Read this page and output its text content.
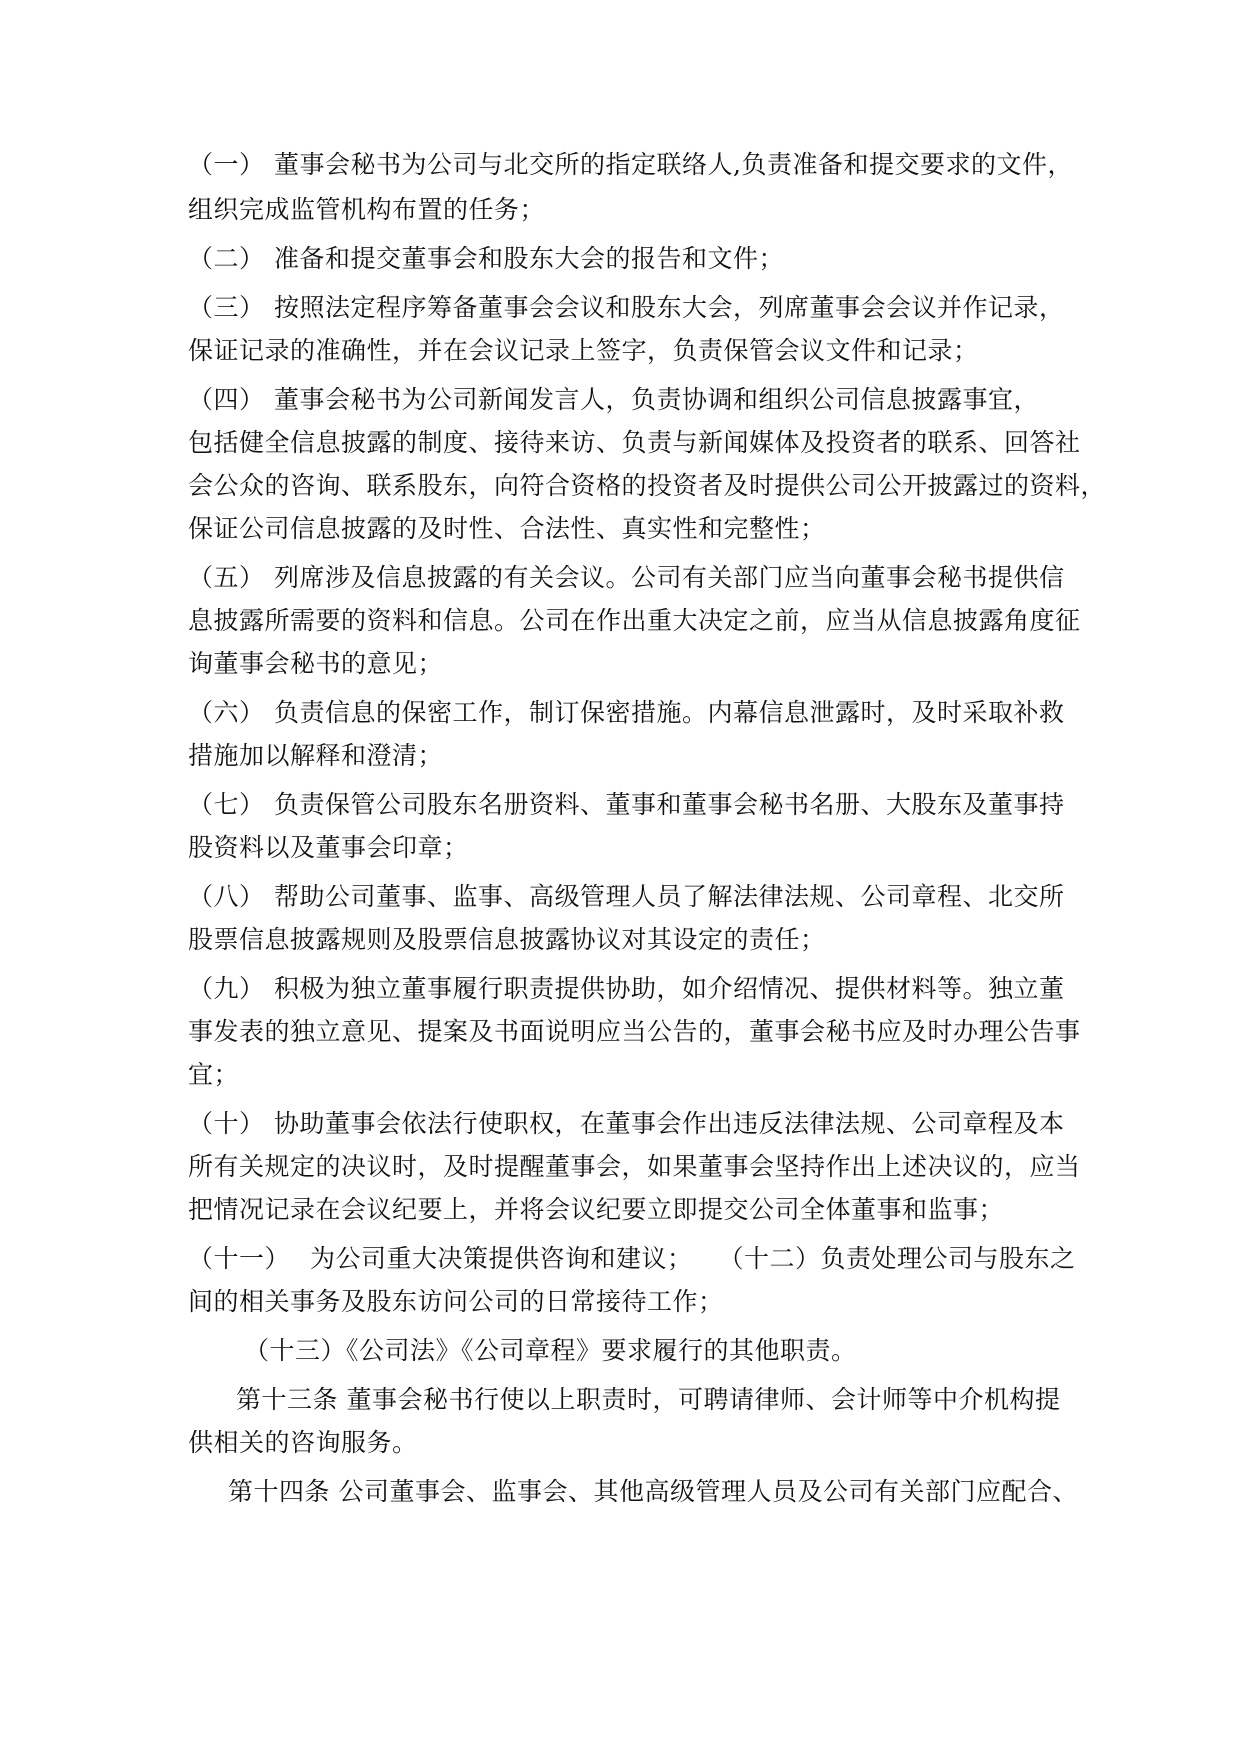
（一） 董事会秘书为公司与北交所的指定联络人,负责准备和提交要求的文件，
组织完成监管机构布置的任务；
（二） 准备和提交董事会和股东大会的报告和文件；
（三） 按照法定程序筹备董事会会议和股东大会，列席董事会会议并作记录，
保证记录的准确性，并在会议记录上签字，负责保管会议文件和记录；
（四） 董事会秘书为公司新闻发言人，负责协调和组织公司信息披露事宜，
包括健全信息披露的制度、接待来访、负责与新闻媒体及投资者的联系、回答社
会公众的咨询、联系股东，向符合资格的投资者及时提供公司公开披露过的资料，
保证公司信息披露的及时性、合法性、真实性和完整性；
（五） 列席涉及信息披露的有关会议。公司有关部门应当向董事会秘书提供信
息披露所需要的资料和信息。公司在作出重大决定之前，应当从信息披露角度征
询董事会秘书的意见；
（六） 负责信息的保密工作，制订保密措施。内幕信息泄露时，及时采取补救
措施加以解释和澄清；
（七） 负责保管公司股东名册资料、董事和董事会秘书名册、大股东及董事持
股资料以及董事会印章；
（八） 帮助公司董事、监事、高级管理人员了解法律法规、公司章程、北交所
股票信息披露规则及股票信息披露协议对其设定的责任；
（九） 积极为独立董事履行职责提供协助，如介绍情况、提供材料等。独立董
事发表的独立意见、提案及书面说明应当公告的，董事会秘书应及时办理公告事
宜；
（十） 协助董事会依法行使职权，在董事会作出违反法律法规、公司章程及本
所有关规定的决议时，及时提醒董事会，如果董事会坚持作出上述决议的，应当
把情况记录在会议纪要上，并将会议纪要立即提交公司全体董事和监事；
（十一） 为公司重大决策提供咨询和建议； （十二）负责处理公司与股东之
间的相关事务及股东访问公司的日常接待工作；
（十三）《公司法》《公司章程》要求履行的其他职责。
第十三条 董事会秘书行使以上职责时，可聘请律师、会计师等中介机构提
供相关的咨询服务。
第十四条 公司董事会、监事会、其他高级管理人员及公司有关部门应配合、
